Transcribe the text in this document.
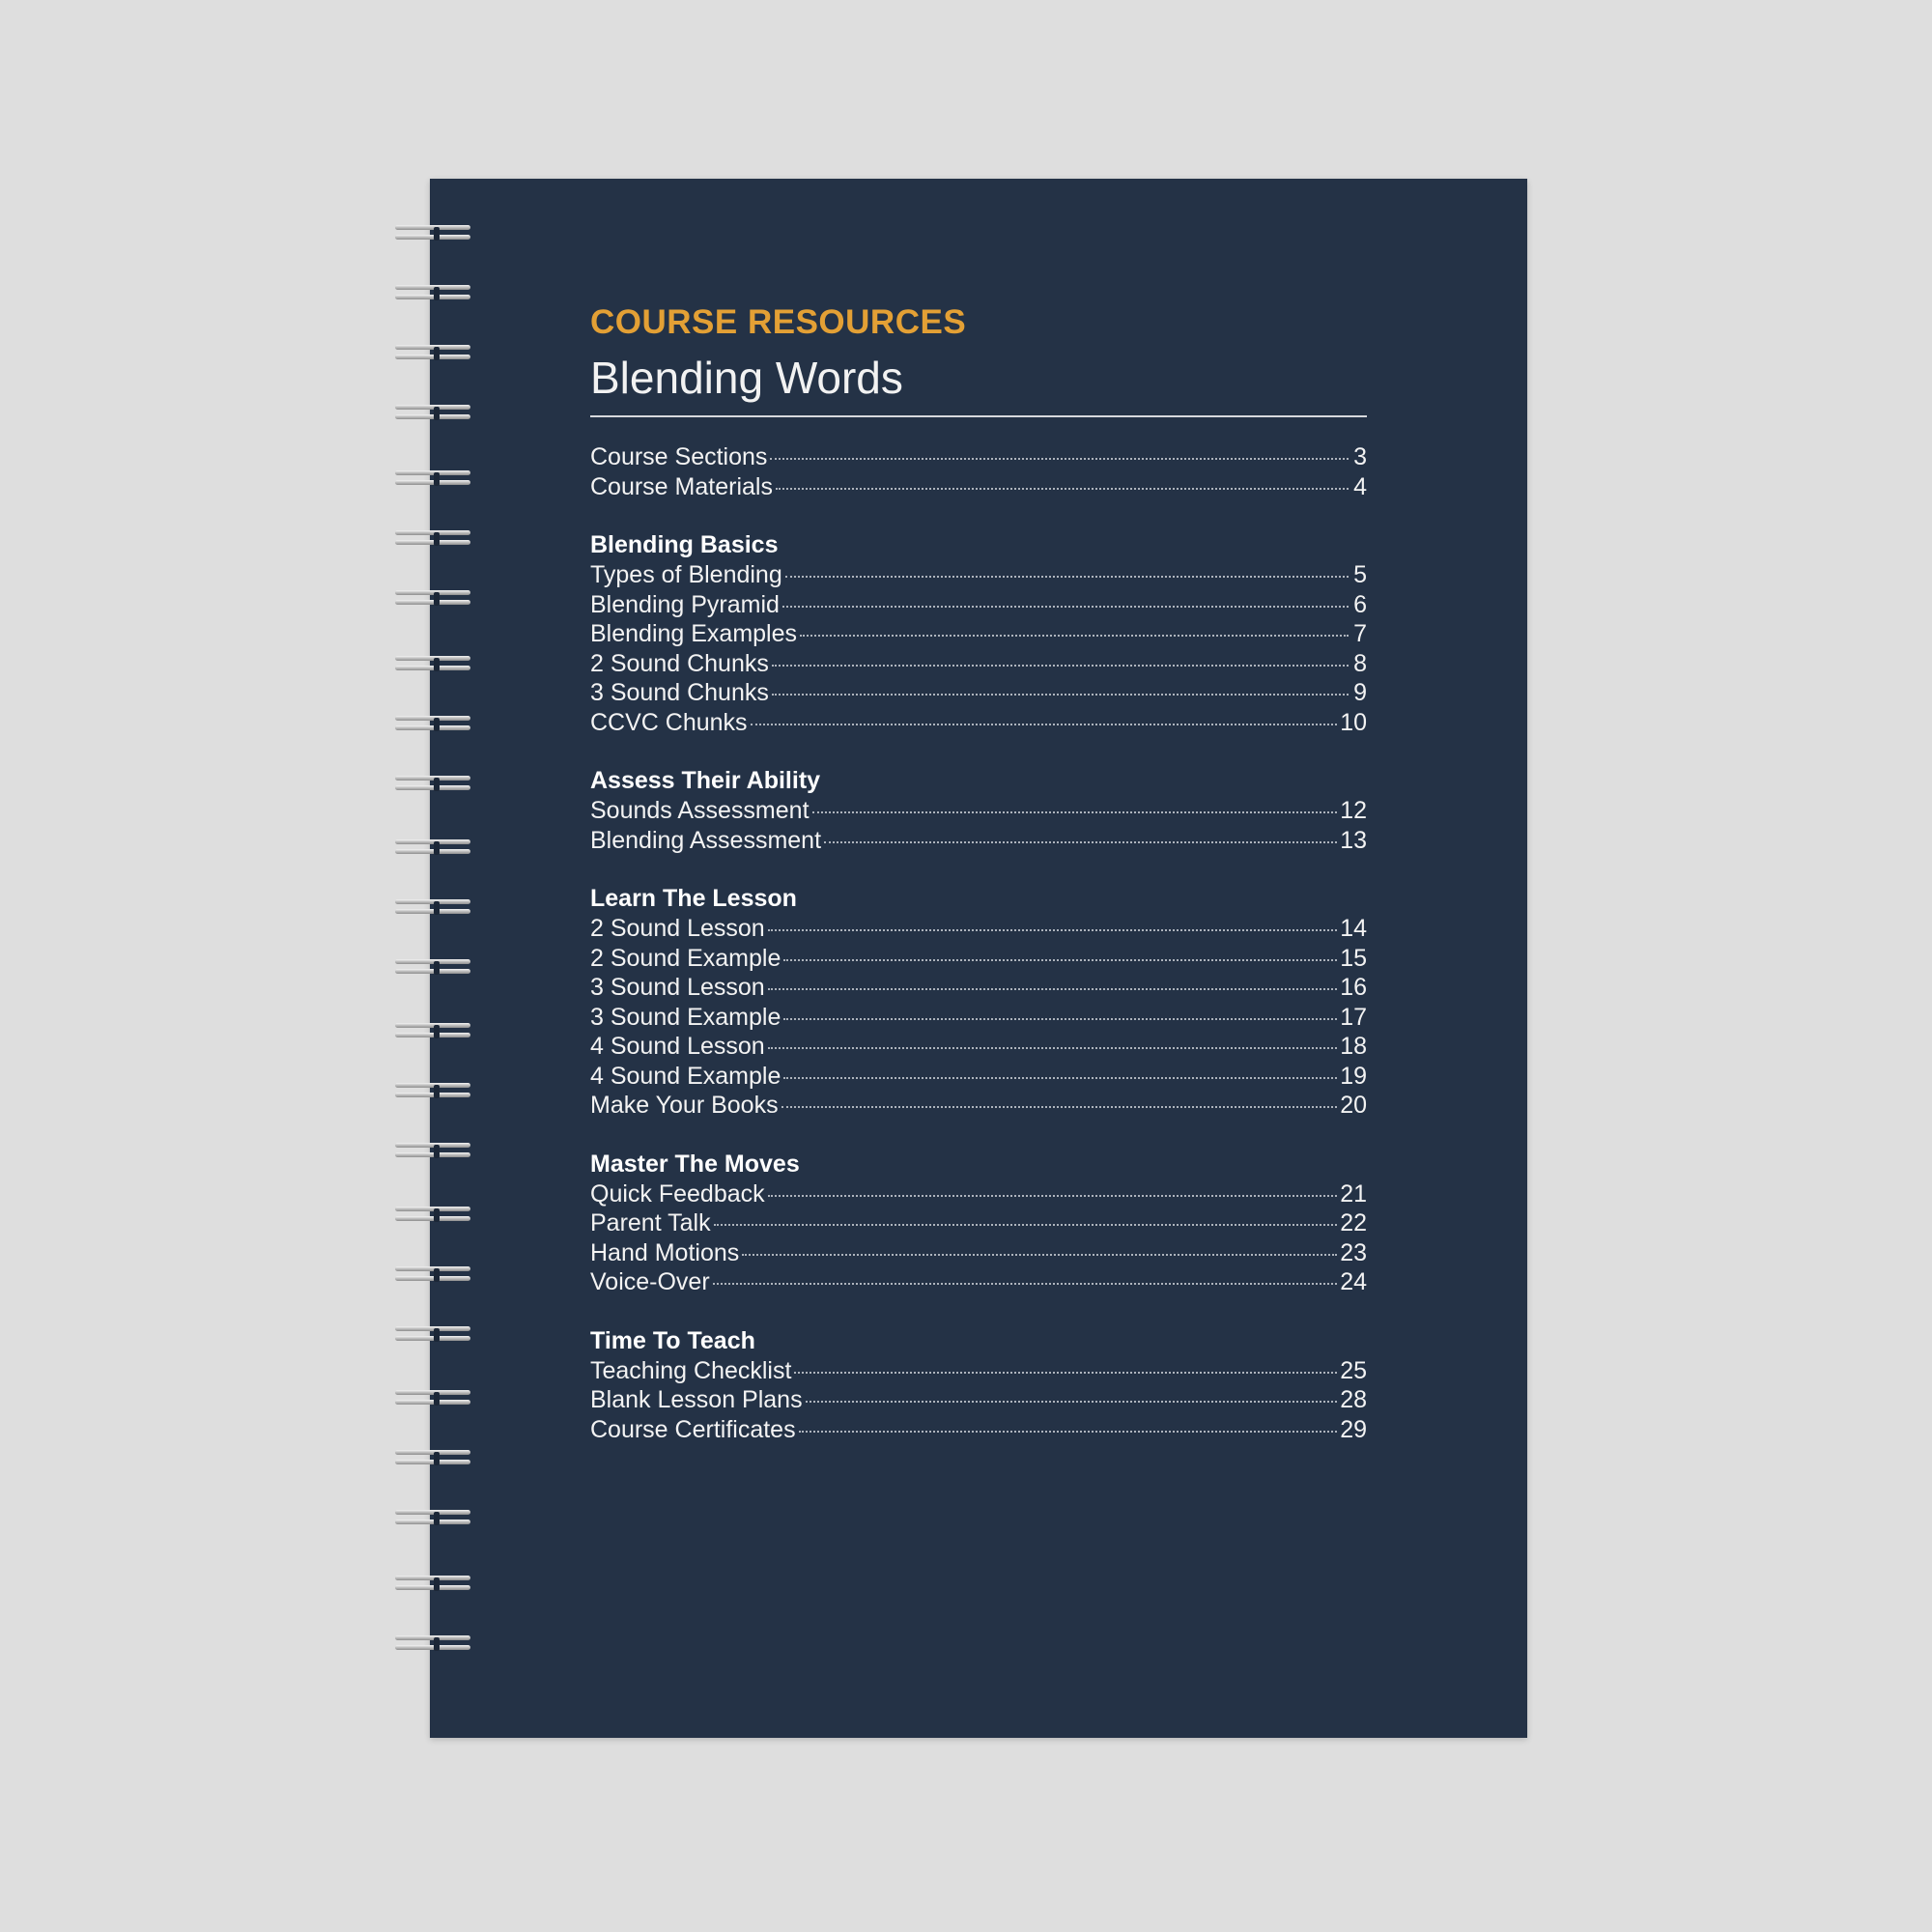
COURSE RESOURCES
Blending Words
Course Sections	3
Course Materials	4
Blending Basics
Types of Blending	5
Blending Pyramid	6
Blending Examples	7
2 Sound Chunks	8
3 Sound Chunks	9
CCVC Chunks	10
Assess Their Ability
Sounds Assessment	12
Blending Assessment	13
Learn The Lesson
2 Sound Lesson	14
2 Sound Example	15
3 Sound Lesson	16
3 Sound Example	17
4 Sound Lesson	18
4 Sound Example	19
Make Your Books	20
Master The Moves
Quick Feedback	21
Parent Talk	22
Hand Motions	23
Voice-Over	24
Time To Teach
Teaching Checklist	25
Blank Lesson Plans	28
Course Certificates	29
